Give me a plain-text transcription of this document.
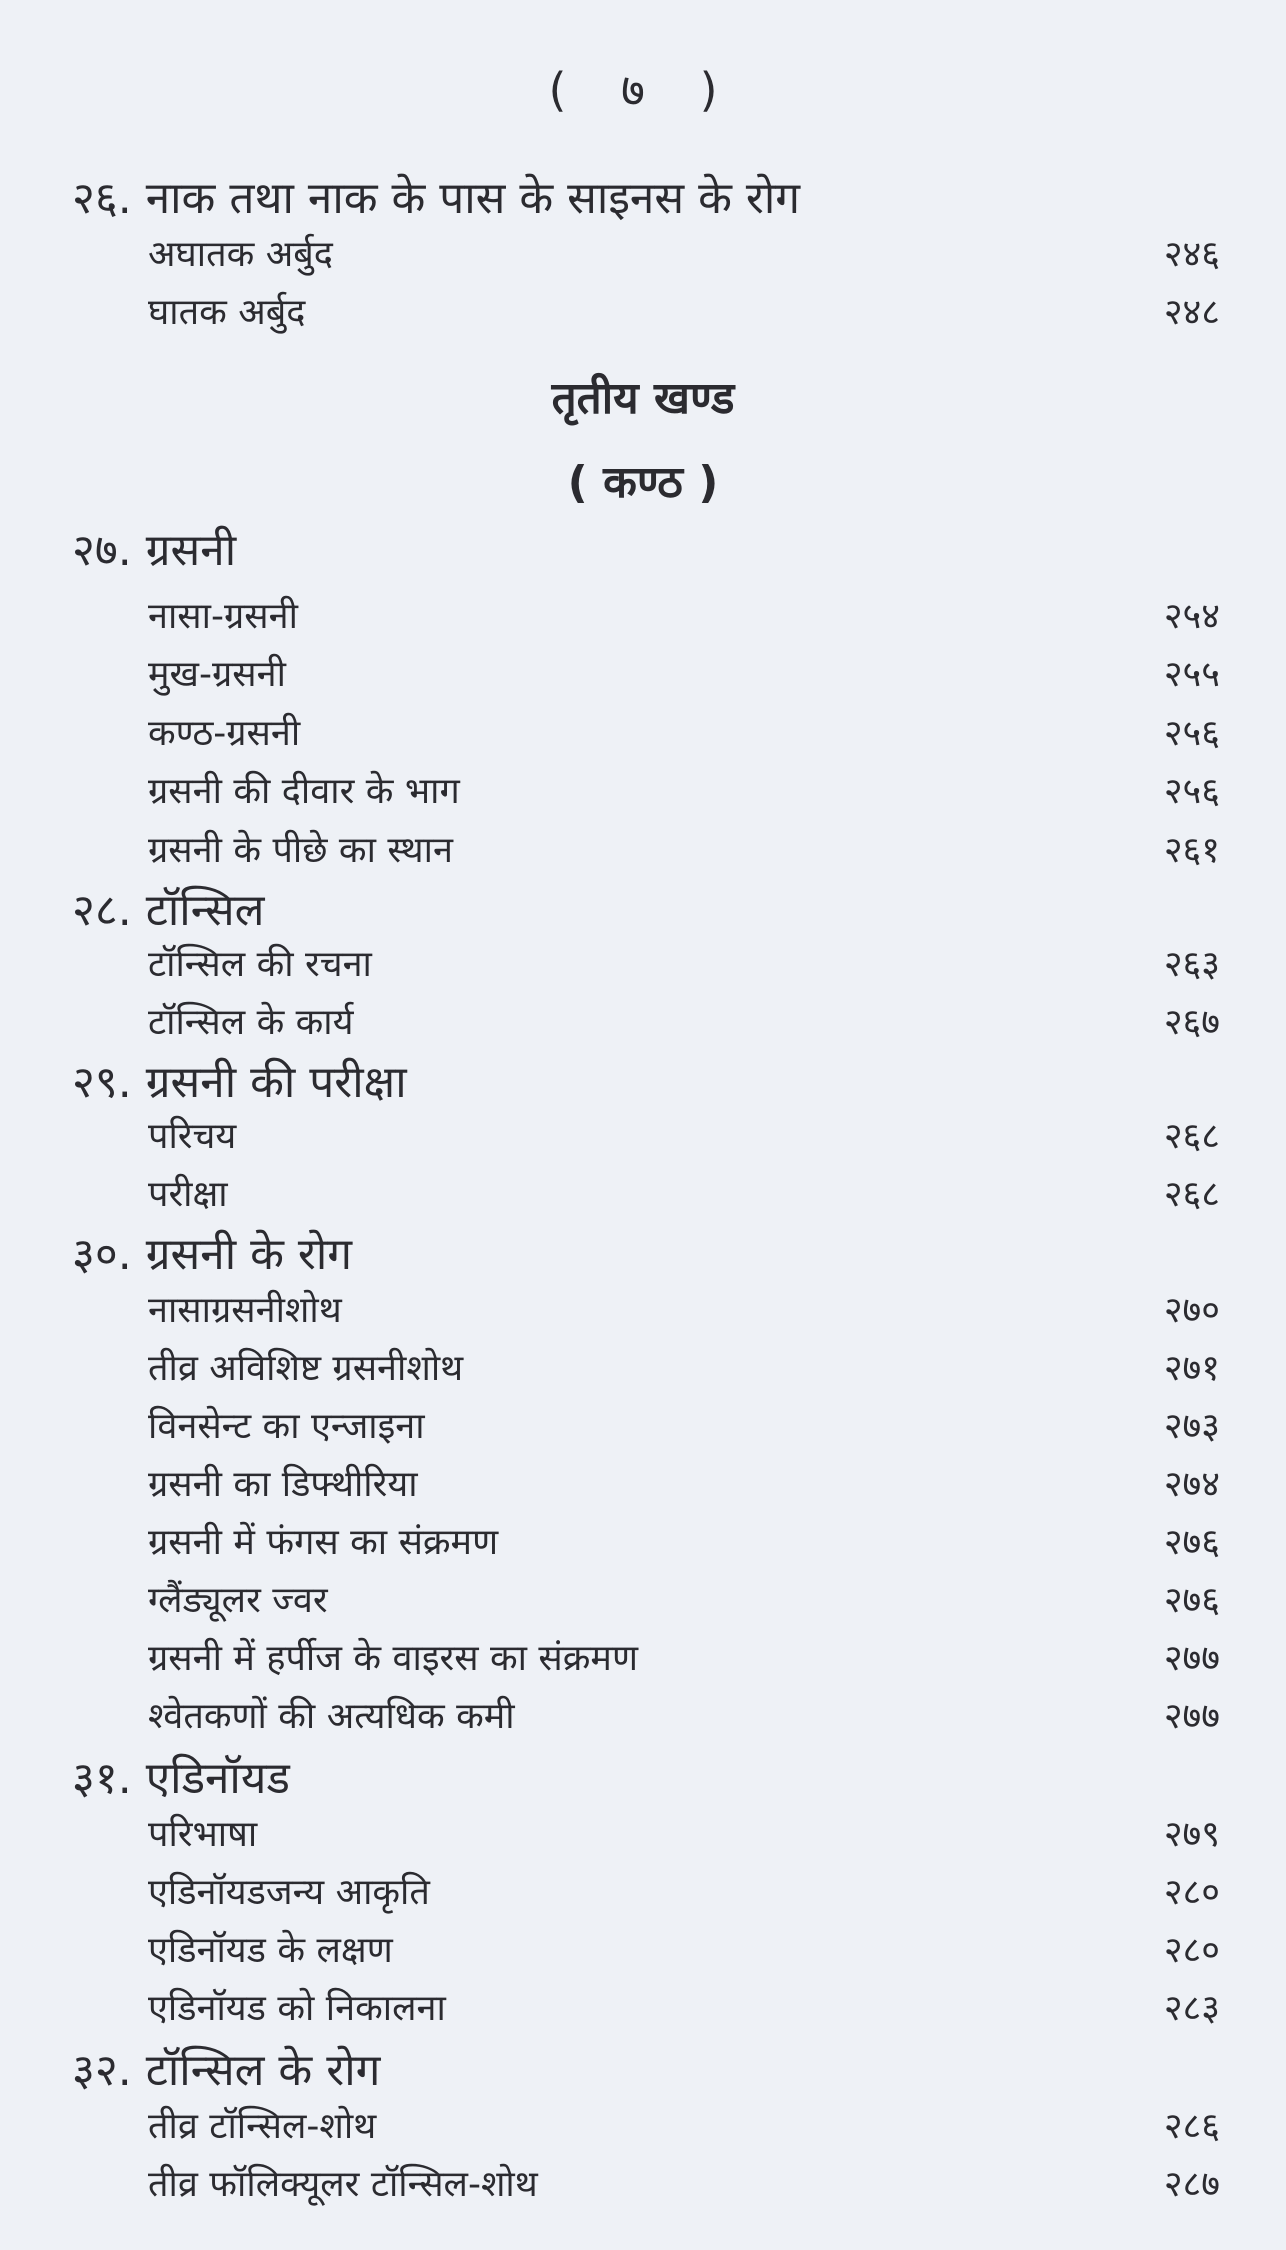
( ७ )
२६. नाक तथा नाक के पास के साइनस के रोग
अघातक अर्बुद	२४६
घातक अर्बुद	२४८
तृतीय खण्ड
( कण्ठ )
२७. ग्रसनी
नासा-ग्रसनी	२५४
मुख-ग्रसनी	२५५
कण्ठ-ग्रसनी	२५६
ग्रसनी की दीवार के भाग	२५६
ग्रसनी के पीछे का स्थान	२६१
२८. टॉन्सिल
टॉन्सिल की रचना	२६३
टॉन्सिल के कार्य	२६७
२९. ग्रसनी की परीक्षा
परिचय	२६८
परीक्षा	२६८
३०. ग्रसनी के रोग
नासाग्रसनीशोथ	२७०
तीव्र अविशिष्ट ग्रसनीशोथ	२७१
विनसेन्ट का एन्जाइना	२७३
ग्रसनी का डिफ्थीरिया	२७४
ग्रसनी में फंगस का संक्रमण	२७६
ग्लैंड्यूलर ज्वर	२७६
ग्रसनी में हर्पीज के वाइरस का संक्रमण	२७७
श्वेतकणों की अत्यधिक कमी	२७७
३१. एडिनॉयड
परिभाषा	२७९
एडिनॉयडजन्य आकृति	२८०
एडिनॉयड के लक्षण	२८०
एडिनॉयड को निकालना	२८३
३२. टॉन्सिल के रोग
तीव्र टॉन्सिल-शोथ	२८६
तीव्र फॉलिक्यूलर टॉन्सिल-शोथ	२८७
